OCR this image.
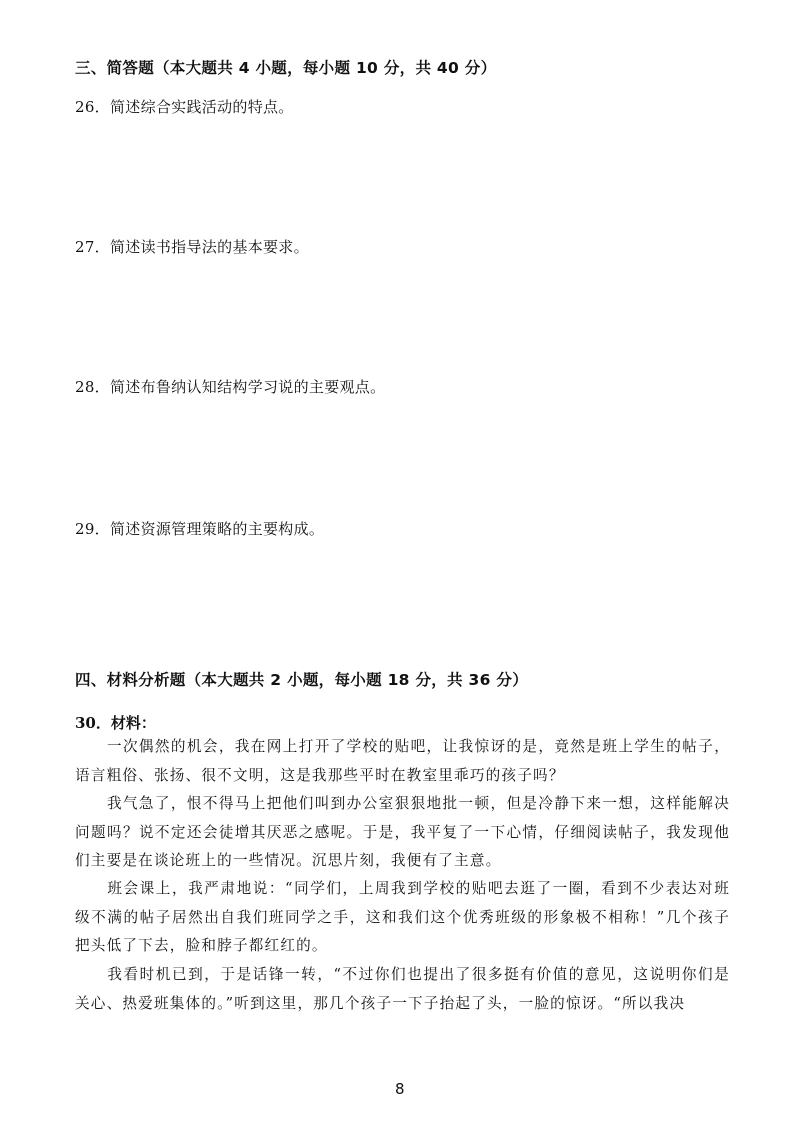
三、简答题（本大题共 4 小题，每小题 10 分，共 40 分）
26．简述综合实践活动的特点。
27．简述读书指导法的基本要求。
28．简述布鲁纳认知结构学习说的主要观点。
29．简述资源管理策略的主要构成。
四、材料分析题（本大题共 2 小题，每小题 18 分，共 36 分）
30．材料：
　　一次偶然的机会，我在网上打开了学校的贴吧，让我惊讶的是，竟然是班上学生的帖子，语言粗俗、张扬、很不文明，这是我那些平时在教室里乖巧的孩子吗？
　　我气急了，恨不得马上把他们叫到办公室狠狠地批一顿，但是冷静下来一想，这样能解决问题吗？说不定还会徒增其厌恶之感呢。于是，我平复了一下心情，仔细阅读帖子，我发现他们主要是在谈论班上的一些情况。沉思片刻，我便有了主意。
　　班会课上，我严肃地说：“同学们，上周我到学校的贴吧去逛了一圈，看到不少表达对班级不满的帖子居然出自我们班同学之手，这和我们这个优秀班级的形象极不相称！”几个孩子把头低了下去，脸和脖子都红红的。
　　我看时机已到，于是话锋一转，“不过你们也提出了很多挺有价值的意见，这说明你们是关心、热爱班集体的。”听到这里，那几个孩子一下子抬起了头，一脸的惊讶。“所以我决
8
